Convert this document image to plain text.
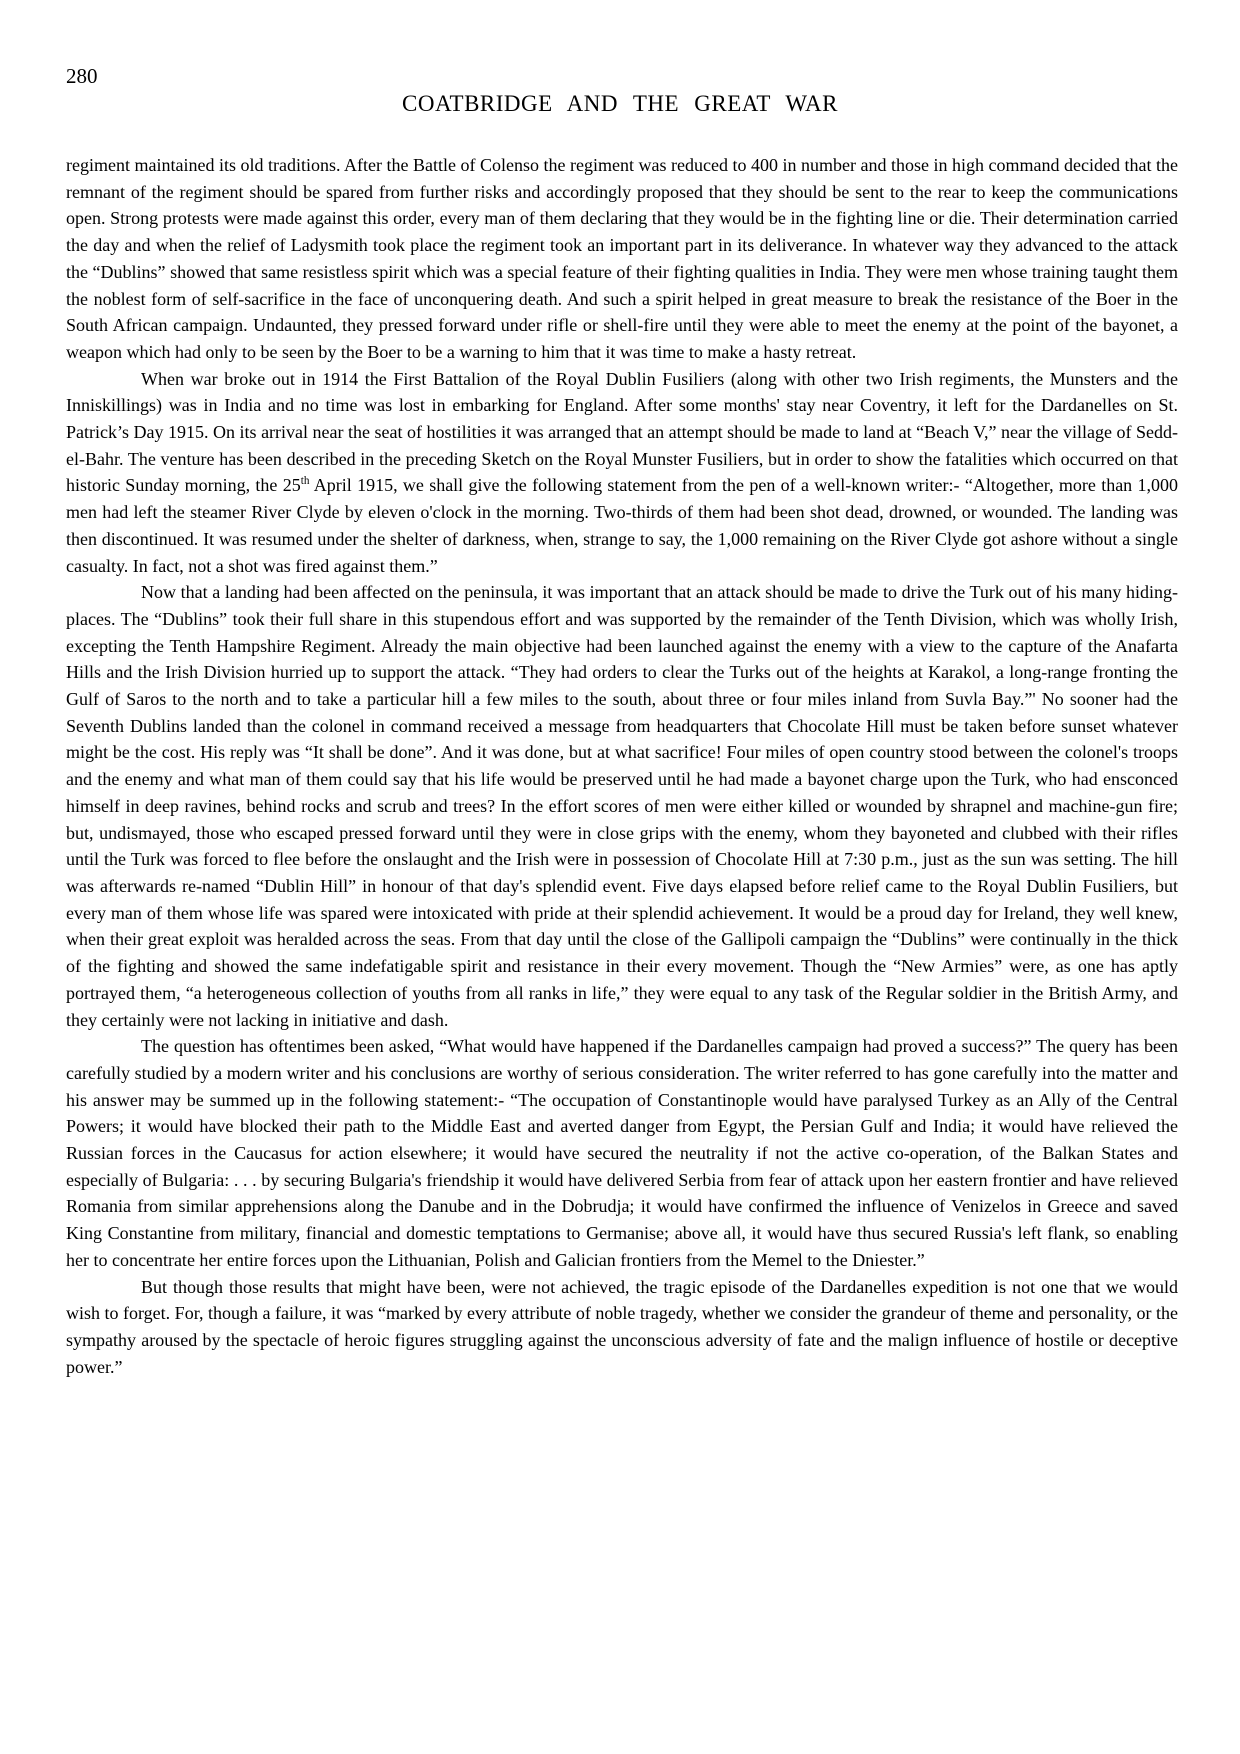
280
COATBRIDGE AND THE GREAT WAR

regiment maintained its old traditions. After the Battle of Colenso the regiment was reduced to 400 in number and those in high command decided that the remnant of the regiment should be spared from further risks and accordingly proposed that they should be sent to the rear to keep the communications open. Strong protests were made against this order, every man of them declaring that they would be in the fighting line or die. Their determination carried the day and when the relief of Ladysmith took place the regiment took an important part in its deliverance. In whatever way they advanced to the attack the “Dublins” showed that same resistless spirit which was a special feature of their fighting qualities in India. They were men whose training taught them the noblest form of self-sacrifice in the face of unconquering death. And such a spirit helped in great measure to break the resistance of the Boer in the South African campaign. Undaunted, they pressed forward under rifle or shell-fire until they were able to meet the enemy at the point of the bayonet, a weapon which had only to be seen by the Boer to be a warning to him that it was time to make a hasty retreat.

When war broke out in 1914 the First Battalion of the Royal Dublin Fusiliers (along with other two Irish regiments, the Munsters and the Inniskillings) was in India and no time was lost in embarking for England. After some months' stay near Coventry, it left for the Dardanelles on St. Patrick’s Day 1915. On its arrival near the seat of hostilities it was arranged that an attempt should be made to land at “Beach V,” near the village of Sedd-el-Bahr. The venture has been described in the preceding Sketch on the Royal Munster Fusiliers, but in order to show the fatalities which occurred on that historic Sunday morning, the 25th April 1915, we shall give the following statement from the pen of a well-known writer:- “Altogether, more than 1,000 men had left the steamer River Clyde by eleven o'clock in the morning. Two-thirds of them had been shot dead, drowned, or wounded. The landing was then discontinued. It was resumed under the shelter of darkness, when, strange to say, the 1,000 remaining on the River Clyde got ashore without a single casualty. In fact, not a shot was fired against them.”

Now that a landing had been affected on the peninsula, it was important that an attack should be made to drive the Turk out of his many hiding-places. The “Dublins” took their full share in this stupendous effort and was supported by the remainder of the Tenth Division, which was wholly Irish, excepting the Tenth Hampshire Regiment. Already the main objective had been launched against the enemy with a view to the capture of the Anafarta Hills and the Irish Division hurried up to support the attack. “They had orders to clear the Turks out of the heights at Karakol, a long-range fronting the Gulf of Saros to the north and to take a particular hill a few miles to the south, about three or four miles inland from Suvla Bay.”' No sooner had the Seventh Dublins landed than the colonel in command received a message from headquarters that Chocolate Hill must be taken before sunset whatever might be the cost. His reply was “It shall be done”. And it was done, but at what sacrifice! Four miles of open country stood between the colonel's troops and the enemy and what man of them could say that his life would be preserved until he had made a bayonet charge upon the Turk, who had ensconced himself in deep ravines, behind rocks and scrub and trees? In the effort scores of men were either killed or wounded by shrapnel and machine-gun fire; but, undismayed, those who escaped pressed forward until they were in close grips with the enemy, whom they bayoneted and clubbed with their rifles until the Turk was forced to flee before the onslaught and the Irish were in possession of Chocolate Hill at 7:30 p.m., just as the sun was setting. The hill was afterwards re-named “Dublin Hill” in honour of that day's splendid event. Five days elapsed before relief came to the Royal Dublin Fusiliers, but every man of them whose life was spared were intoxicated with pride at their splendid achievement. It would be a proud day for Ireland, they well knew, when their great exploit was heralded across the seas. From that day until the close of the Gallipoli campaign the “Dublins” were continually in the thick of the fighting and showed the same indefatigable spirit and resistance in their every movement. Though the “New Armies” were, as one has aptly portrayed them, “a heterogeneous collection of youths from all ranks in life,” they were equal to any task of the Regular soldier in the British Army, and they certainly were not lacking in initiative and dash.

The question has oftentimes been asked, “What would have happened if the Dardanelles campaign had proved a success?” The query has been carefully studied by a modern writer and his conclusions are worthy of serious consideration. The writer referred to has gone carefully into the matter and his answer may be summed up in the following statement:- “The occupation of Constantinople would have paralysed Turkey as an Ally of the Central Powers; it would have blocked their path to the Middle East and averted danger from Egypt, the Persian Gulf and India; it would have relieved the Russian forces in the Caucasus for action elsewhere; it would have secured the neutrality if not the active co-operation, of the Balkan States and especially of Bulgaria: . . . by securing Bulgaria's friendship it would have delivered Serbia from fear of attack upon her eastern frontier and have relieved Romania from similar apprehensions along the Danube and in the Dobrudja; it would have confirmed the influence of Venizelos in Greece and saved King Constantine from military, financial and domestic temptations to Germanise; above all, it would have thus secured Russia's left flank, so enabling her to concentrate her entire forces upon the Lithuanian, Polish and Galician frontiers from the Memel to the Dniester.”

But though those results that might have been, were not achieved, the tragic episode of the Dardanelles expedition is not one that we would wish to forget. For, though a failure, it was “marked by every attribute of noble tragedy, whether we consider the grandeur of theme and personality, or the sympathy aroused by the spectacle of heroic figures struggling against the unconscious adversity of fate and the malign influence of hostile or deceptive power.”
